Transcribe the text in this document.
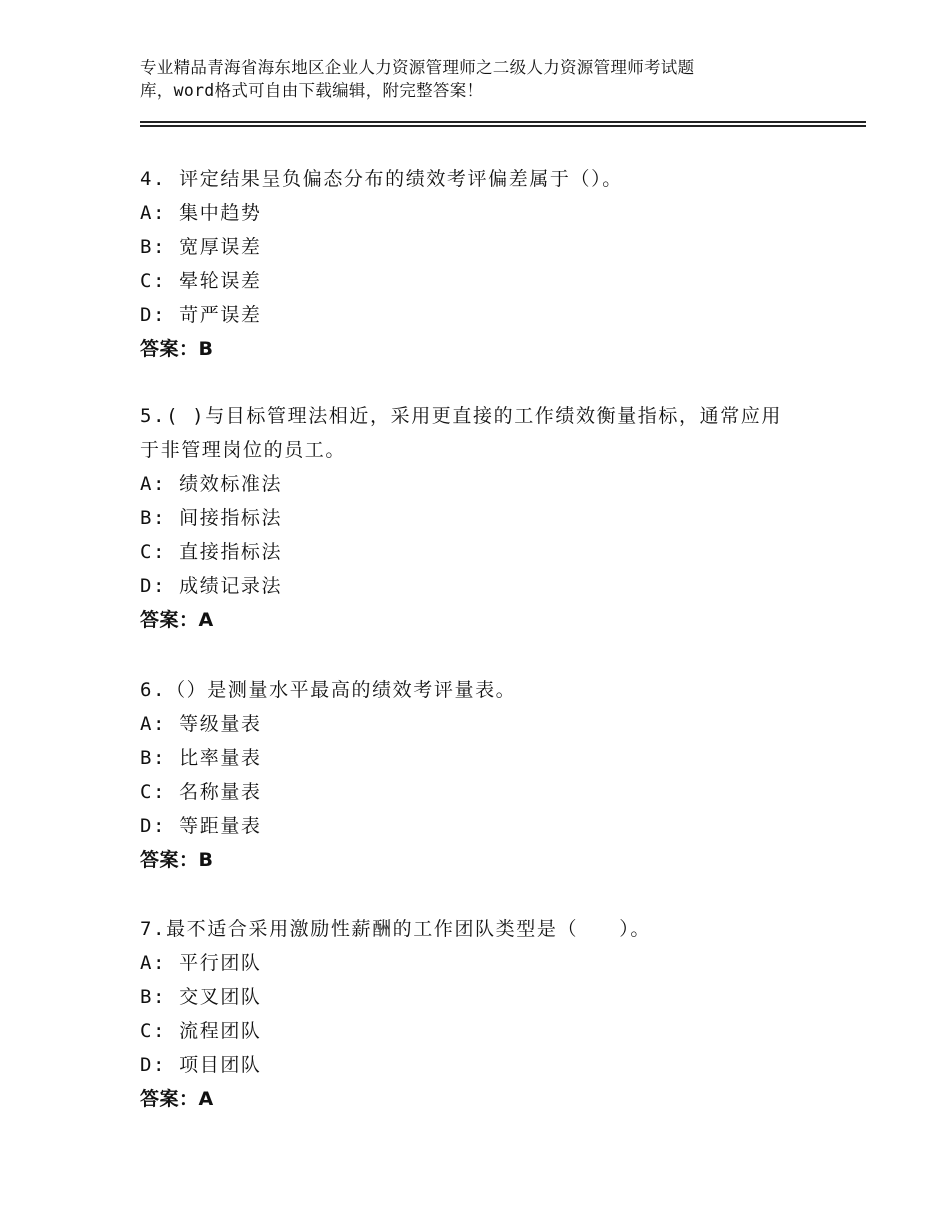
专业精品青海省海东地区企业人力资源管理师之二级人力资源管理师考试题
库，word格式可自由下载编辑，附完整答案！
4. 评定结果呈负偏态分布的绩效考评偏差属于（）。
A: 集中趋势
B: 宽厚误差
C: 晕轮误差
D: 苛严误差
答案：B
5.( )与目标管理法相近，采用更直接的工作绩效衡量指标，通常应用
于非管理岗位的员工。
A: 绩效标准法
B: 间接指标法
C: 直接指标法
D: 成绩记录法
答案：A
6.（）是测量水平最高的绩效考评量表。
A: 等级量表
B: 比率量表
C: 名称量表
D: 等距量表
答案：B
7.最不适合采用激励性薪酬的工作团队类型是（　　）。
A: 平行团队
B: 交叉团队
C: 流程团队
D: 项目团队
答案：A
